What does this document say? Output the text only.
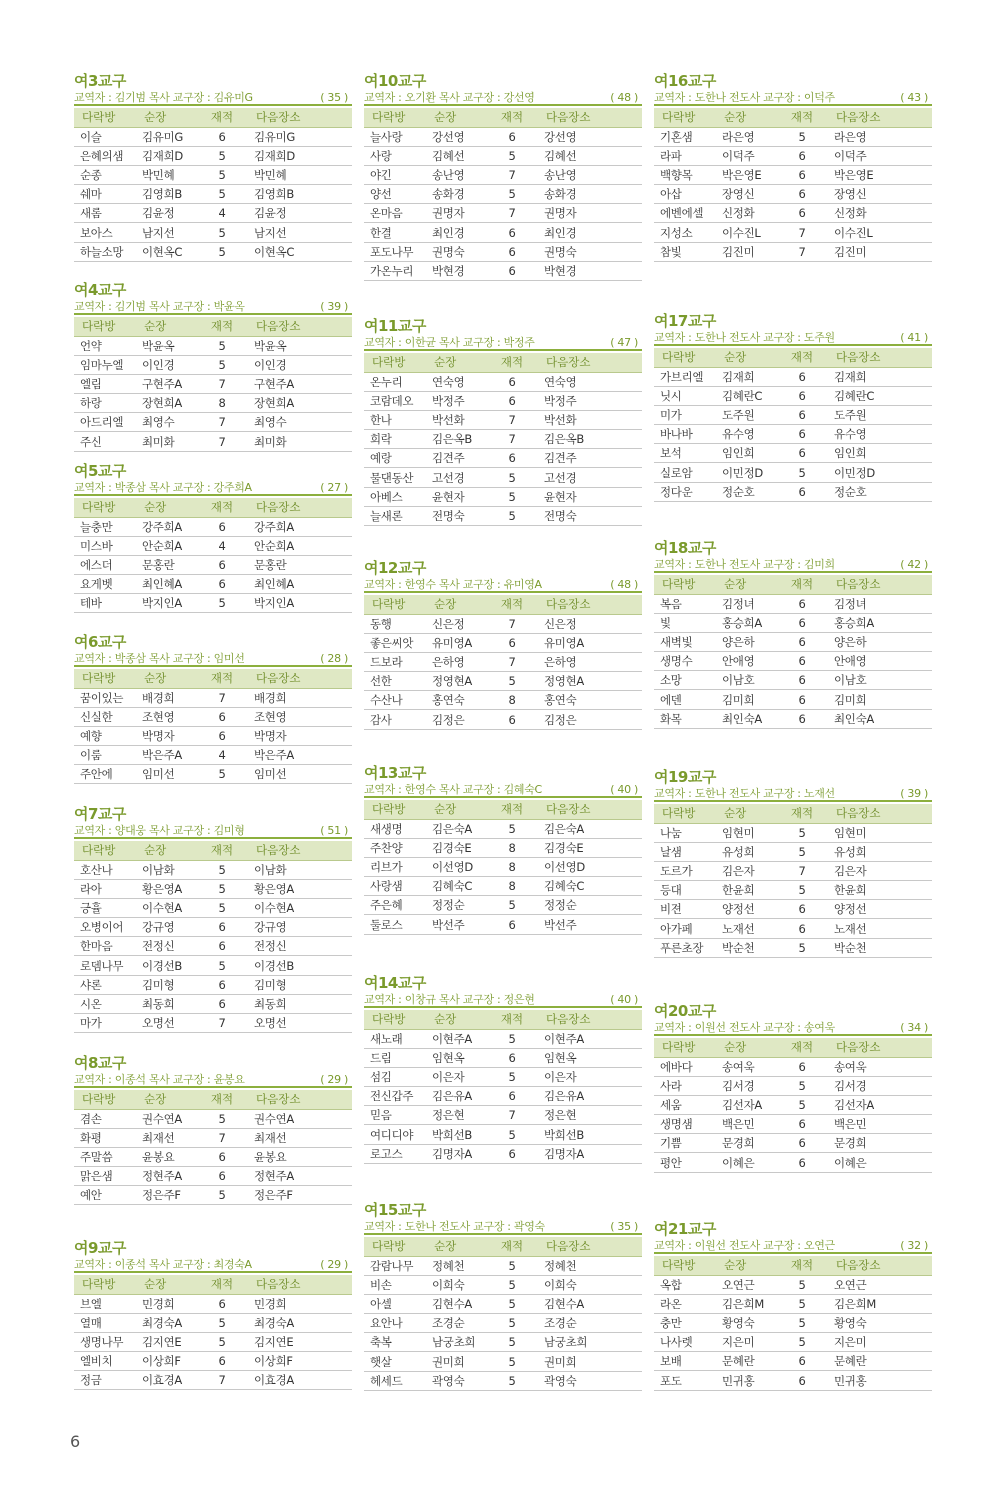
여3교구
교역자 : 김기범 목사 교구장 : 김유미G	( 35 )
다락방	순장	재적	다음장소
이슬	김유미G	6	김유미G
은혜의샘	김재희D	5	김재희D
순종	박민혜	5	박민혜
쉐마	김영희B	5	김영희B
새롬	김윤정	4	김윤정
보아스	남지선	5	남지선
하늘소망	이현옥C	5	이현옥C
여4교구
교역자 : 김기범 목사 교구장 : 박윤옥	( 39 )
다락방	순장	재적	다음장소
언약	박윤옥	5	박윤옥
임마누엘	이인경	5	이인경
엘림	구현주A	7	구현주A
하랑	장현희A	8	장현희A
아드리엘	최영수	7	최영수
주신	최미화	7	최미화
여5교구
교역자 : 박종삼 목사 교구장 : 강주희A	( 27 )
다락방	순장	재적	다음장소
늘충만	강주희A	6	강주희A
미스바	안순희A	4	안순희A
에스더	문홍란	6	문홍란
요게벳	최인혜A	6	최인혜A
테바	박지인A	5	박지인A
여6교구
교역자 : 박종삼 목사 교구장 : 임미선	( 28 )
다락방	순장	재적	다음장소
꿈이있는	배경희	7	배경희
신실한	조현영	6	조현영
예향	박명자	6	박명자
이룸	박은주A	4	박은주A
주안에	임미선	5	임미선
여7교구
교역자 : 양대웅 목사 교구장 : 김미형	( 51 )
다락방	순장	재적	다음장소
호산나	이남화	5	이남화
라아	황은영A	5	황은영A
긍휼	이수현A	5	이수현A
오병이어	강규영	6	강규영
한마음	전정신	6	전정신
로뎀나무	이경선B	5	이경선B
샤론	김미형	6	김미형
시온	최동희	6	최동희
마가	오명선	7	오명선
여8교구
교역자 : 이종석 목사 교구장 : 윤봉요	( 29 )
다락방	순장	재적	다음장소
겸손	권수연A	5	권수연A
화평	최재선	7	최재선
주말씀	윤봉요	6	윤봉요
맑은샘	정현주A	6	정현주A
예안	정은주F	5	정은주F
여9교구
교역자 : 이종석 목사 교구장 : 최경숙A	( 29 )
다락방	순장	재적	다음장소
브엘	민경희	6	민경희
열매	최경숙A	5	최경숙A
생명나무	김지연E	5	김지연E
엘비치	이상희F	6	이상희F
정금	이효경A	7	이효경A
여10교구
교역자 : 오기환 목사 교구장 : 강선영	( 48 )
다락방	순장	재적	다음장소
늘사랑	강선영	6	강선영
사랑	김혜선	5	김혜선
야긴	송난영	7	송난영
양선	송화경	5	송화경
온마음	권명자	7	권명자
한결	최인경	6	최인경
포도나무	권명숙	6	권명숙
가온누리	박현경	6	박현경
여11교구
교역자 : 이한균 목사 교구장 : 박정주	( 47 )
다락방	순장	재적	다음장소
온누리	연숙영	6	연숙영
코람데오	박정주	6	박정주
한나	박선화	7	박선화
희락	김은옥B	7	김은옥B
예랑	김견주	6	김견주
물댄동산	고선경	5	고선경
아베스	윤현자	5	윤현자
늘새론	전명숙	5	전명숙
여12교구
교역자 : 한영수 목사 교구장 : 유미영A	( 48 )
다락방	순장	재적	다음장소
동행	신은정	7	신은정
좋은씨앗	유미영A	6	유미영A
드보라	은하영	7	은하영
선한	정영현A	5	정영현A
수산나	홍연숙	8	홍연숙
감사	김정은	6	김정은
여13교구
교역자 : 한영수 목사 교구장 : 김혜숙C	( 40 )
다락방	순장	재적	다음장소
새생명	김은숙A	5	김은숙A
주찬양	김경숙E	8	김경숙E
리브가	이선영D	8	이선영D
사랑샘	김혜숙C	8	김혜숙C
주은혜	정정순	5	정정순
둘로스	박선주	6	박선주
여14교구
교역자 : 이창규 목사 교구장 : 정은현	( 40 )
다락방	순장	재적	다음장소
새노래	이현주A	5	이현주A
드림	임현옥	6	임현옥
섬김	이은자	5	이은자
전신갑주	김은유A	6	김은유A
믿음	정은현	7	정은현
여디디야	박희선B	5	박희선B
로고스	김명자A	6	김명자A
여15교구
교역자 : 도한나 전도사 교구장 : 곽영숙	( 35 )
다락방	순장	재적	다음장소
감람나무	정혜천	5	정혜천
비손	이희숙	5	이희숙
아셀	김현수A	5	김현수A
요안나	조경순	5	조경순
축복	남궁초희	5	남궁초희
햇살	권미희	5	권미희
헤세드	곽영숙	5	곽영숙
여16교구
교역자 : 도한나 전도사 교구장 : 이덕주	( 43 )
다락방	순장	재적	다음장소
기혼샘	라은영	5	라은영
라파	이덕주	6	이덕주
백향목	박은영E	6	박은영E
아삽	장영신	6	장영신
에벤에셀	신정화	6	신정화
지성소	이수진L	7	이수진L
참빛	김진미	7	김진미
여17교구
교역자 : 도한나 전도사 교구장 : 도주원	( 41 )
다락방	순장	재적	다음장소
가브리엘	김재희	6	김재희
닛시	김혜란C	6	김혜란C
미가	도주원	6	도주원
바나바	유수영	6	유수영
보석	임인희	6	임인희
실로암	이민정D	5	이민정D
정다운	정순호	6	정순호
여18교구
교역자 : 도한나 전도사 교구장 : 김미희	( 42 )
다락방	순장	재적	다음장소
복음	김정녀	6	김정녀
빛	홍승희A	6	홍승희A
새벽빛	양은하	6	양은하
생명수	안애영	6	안애영
소망	이남호	6	이남호
에덴	김미희	6	김미희
화목	최인숙A	6	최인숙A
여19교구
교역자 : 도한나 전도사 교구장 : 노재선	( 39 )
다락방	순장	재적	다음장소
나눔	임현미	5	임현미
날샘	유성희	5	유성희
도르가	김은자	7	김은자
등대	한윤희	5	한윤희
비젼	양정선	6	양정선
아가페	노재선	6	노재선
푸른초장	박순천	5	박순천
여20교구
교역자 : 이원선 전도사 교구장 : 송여욱	( 34 )
다락방	순장	재적	다음장소
에바다	송여욱	6	송여욱
사라	김서경	5	김서경
세움	김선자A	5	김선자A
생명샘	백은민	6	백은민
기쁨	문경희	6	문경희
평안	이혜은	6	이혜은
여21교구
교역자 : 이원선 전도사 교구장 : 오연근	( 32 )
다락방	순장	재적	다음장소
옥합	오연근	5	오연근
라온	김은희M	5	김은희M
충만	황영숙	5	황영숙
나사렛	지은미	5	지은미
보배	문혜란	6	문혜란
포도	민귀홍	6	민귀홍
6
